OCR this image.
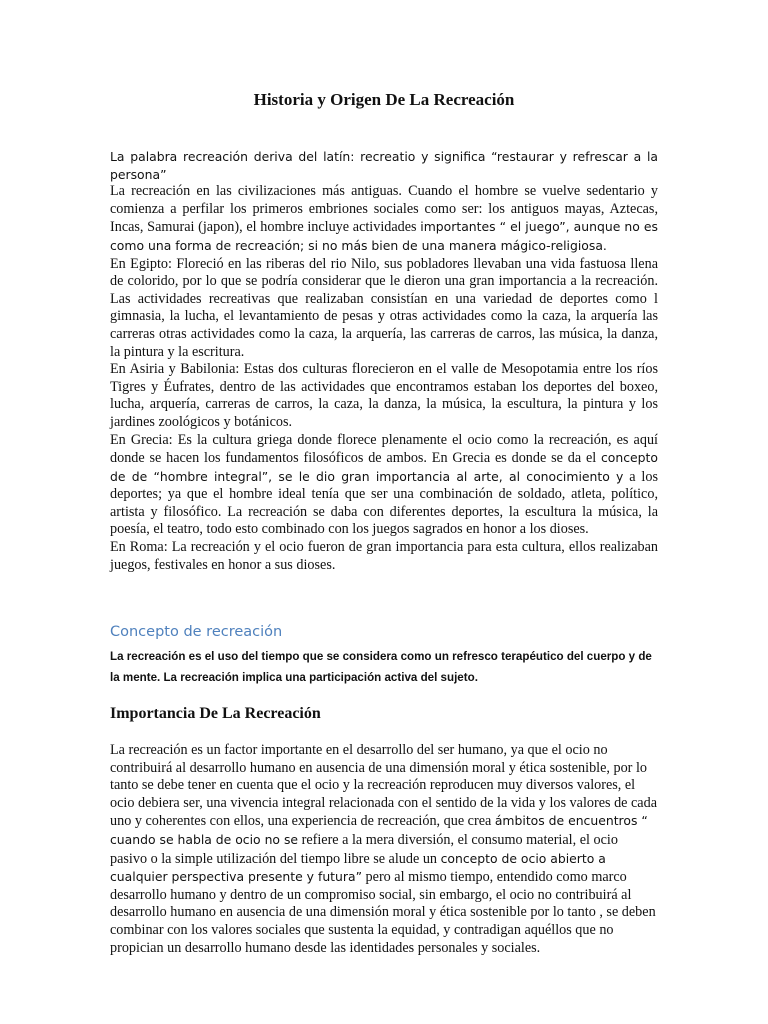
Historia y Origen De La Recreación

La palabra recreación deriva del latín: recreatio y significa “restaurar y refrescar a la persona”

La recreación en las civilizaciones más antiguas. Cuando el hombre se vuelve sedentario y comienza a perfilar los primeros embriones sociales como ser: los antiguos mayas, Aztecas, Incas, Samurai (japon), el hombre incluye actividades importantes “ el juego”, aunque no es como una forma de recreación; si no más bien de una manera mágico-religiosa.

En Egipto: Floreció en las riberas del rio Nilo, sus pobladores llevaban una vida fastuosa llena de colorido, por lo que se podría considerar que le dieron una gran importancia a la recreación. Las actividades recreativas que realizaban consistían en una variedad de deportes como l gimnasia, la lucha, el levantamiento de pesas y otras actividades como la caza, la arquería las carreras otras actividades como la caza, la arquería, las carreras de carros, las música, la danza, la pintura y la escritura.

En Asiria y Babilonia: Estas dos culturas florecieron en el valle de Mesopotamia entre los ríos Tigres y Éufrates, dentro de las actividades que encontramos estaban los deportes del boxeo, lucha, arquería, carreras de carros, la caza, la danza, la música, la escultura, la pintura y los jardines zoológicos y botánicos.

En Grecia: Es la cultura griega donde florece plenamente el ocio como la recreación, es aquí donde se hacen los fundamentos filosóficos de ambos. En Grecia es donde se da el concepto de de “hombre integral”, se le dio gran importancia al arte, al conocimiento y a los deportes; ya que el hombre ideal tenía que ser una combinación de soldado, atleta, político, artista y filosófico. La recreación se daba con diferentes deportes, la escultura la música, la poesía, el teatro, todo esto combinado con los juegos sagrados en honor a los dioses.

En Roma: La recreación y el ocio fueron de gran importancia para esta cultura, ellos realizaban juegos, festivales en honor a sus dioses.

Concepto de recreación

La recreación es el uso del tiempo que se considera como un refresco terapéutico del cuerpo y de la mente. La recreación implica una participación activa del sujeto.

Importancia De La Recreación

La recreación es un factor importante en el desarrollo del ser humano, ya que el ocio no contribuirá al desarrollo humano en ausencia de una dimensión moral y ética sostenible, por lo tanto se debe tener en cuenta que el ocio y la recreación reproducen muy diversos valores, el ocio debiera ser, una vivencia integral relacionada con el sentido de la vida y los valores de cada uno y coherentes con ellos, una experiencia de recreación, que crea ámbitos de encuentros “ cuando se habla de ocio no se refiere a la mera diversión, el consumo material, el ocio pasivo o la simple utilización del tiempo libre se alude un concepto de ocio abierto a cualquier perspectiva presente y futura” pero al mismo tiempo, entendido como marco desarrollo humano y dentro de un compromiso social, sin embargo, el ocio no contribuirá al desarrollo humano en ausencia de una dimensión moral y ética sostenible por lo tanto , se deben combinar con los valores sociales que sustenta la equidad, y contradigan aquéllos que no propician un desarrollo humano desde las identidades personales y sociales.
